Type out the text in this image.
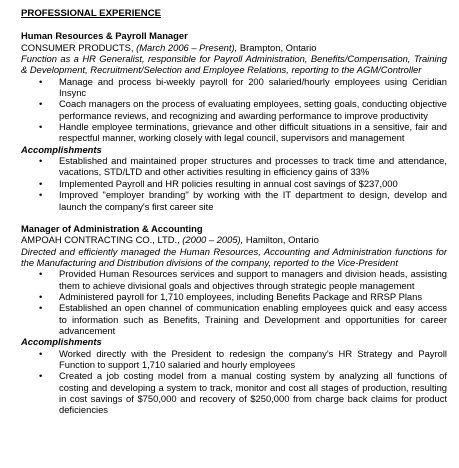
PROFESSIONAL EXPERIENCE
Human Resources & Payroll Manager
CONSUMER PRODUCTS, (March 2006 – Present), Brampton, Ontario
Function as a HR Generalist, responsible for Payroll Administration, Benefits/Compensation, Training & Development, Recruitment/Selection and Employee Relations, reporting to the AGM/Controller
• Manage and process bi-weekly payroll for 200 salaried/hourly employees using Ceridian Insync
• Coach managers on the process of evaluating employees, setting goals, conducting objective performance reviews, and recognizing and awarding performance to improve productivity
• Handle employee terminations, grievance and other difficult situations in a sensitive, fair and respectful manner, working closely with legal council, supervisors and management
Accomplishments
• Established and maintained proper structures and processes to track time and attendance, vacations, STD/LTD and other activities resulting in efficiency gains of 33%
• Implemented Payroll and HR policies resulting in annual cost savings of $237,000
• Improved "employer branding" by working with the IT department to design, develop and launch the company's first career site
Manager of Administration & Accounting
AMPOAH CONTRACTING CO., LTD., (2000 – 2005), Hamilton, Ontario
Directed and efficiently managed the Human Resources, Accounting and Administration functions for the Manufacturing and Distribution divisions of the company, reported to the Vice-President
• Provided Human Resources services and support to managers and division heads, assisting them to achieve divisional goals and objectives through strategic people management
• Administered payroll for 1,710 employees, including Benefits Package and RRSP Plans
• Established an open channel of communication enabling employees quick and easy access to information such as Benefits, Training and Development and opportunities for career advancement
Accomplishments
• Worked directly with the President to redesign the company's HR Strategy and Payroll Function to support 1,710 salaried and hourly employees
• Created a job costing model from a manual costing system by analyzing all functions of costing and developing a system to track, monitor and cost all stages of production, resulting in cost savings of $750,000 and recovery of $250,000 from charge back claims for product deficiencies
